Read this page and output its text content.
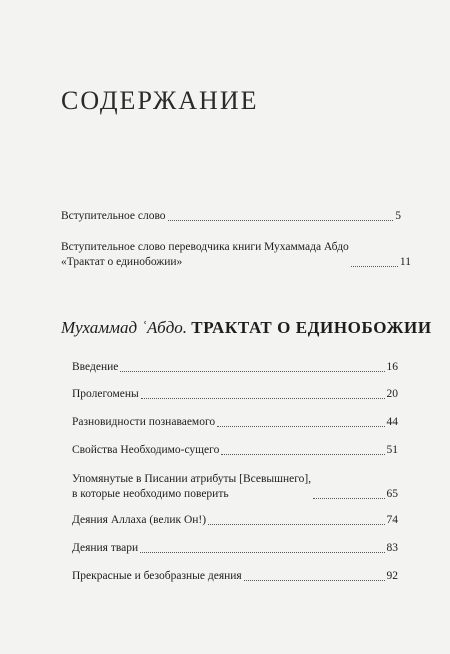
СОДЕРЖАНИЕ
Вступительное слово	5
Вступительное слово переводчика книги Мухаммада Абдо
«Трактат о единобожии»	11
Мухаммад ʿАбдо. ТРАКТАТ О ЕДИНОБОЖИИ
Введение	16
Пролегомены	20
Разновидности познаваемого	44
Свойства Необходимо-сущего	51
Упомянутые в Писании атрибуты [Всевышнего],
в которые необходимо поверить	65
Деяния Аллаха (велик Он!)	74
Деяния твари	83
Прекрасные и безобразные деяния	92
